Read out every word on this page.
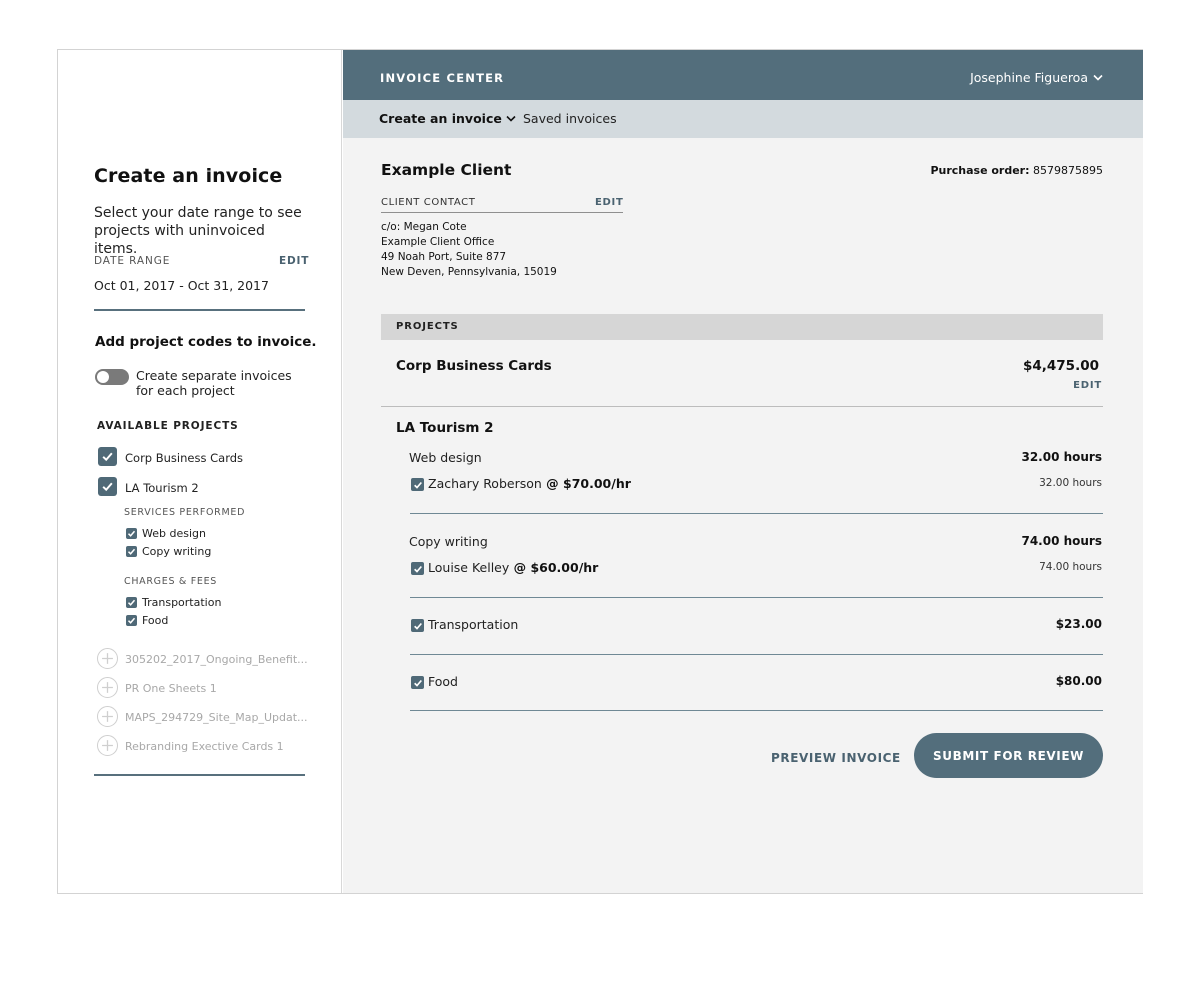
Create an invoice
Select your date range to see projects with uninvoiced items.
DATE RANGE	EDIT
Oct 01, 2017 - Oct 31, 2017
Add project codes to invoice.
Create separate invoices for each project
AVAILABLE PROJECTS
Corp Business Cards
LA Tourism 2
SERVICES PERFORMED
Web design
Copy writing
CHARGES & FEES
Transportation
Food
305202_2017_Ongoing_Benefit...
PR One Sheets 1
MAPS_294729_Site_Map_Updat...
Rebranding Exective Cards 1
INVOICE CENTER	Josephine Figueroa
Create an invoice Saved invoices
Example Client	Purchase order: 8579875895
CLIENT CONTACT	EDIT
c/o: Megan Cote
Example Client Office
49 Noah Port, Suite 877
New Deven, Pennsylvania, 15019
PROJECTS
Corp Business Cards	$4,475.00
EDIT
LA Tourism 2
Web design	32.00 hours
Zachary Roberson @ $70.00/hr	32.00 hours
Copy writing	74.00 hours
Louise Kelley @ $60.00/hr	74.00 hours
Transportation	$23.00
Food	$80.00
PREVIEW INVOICE	SUBMIT FOR REVIEW
